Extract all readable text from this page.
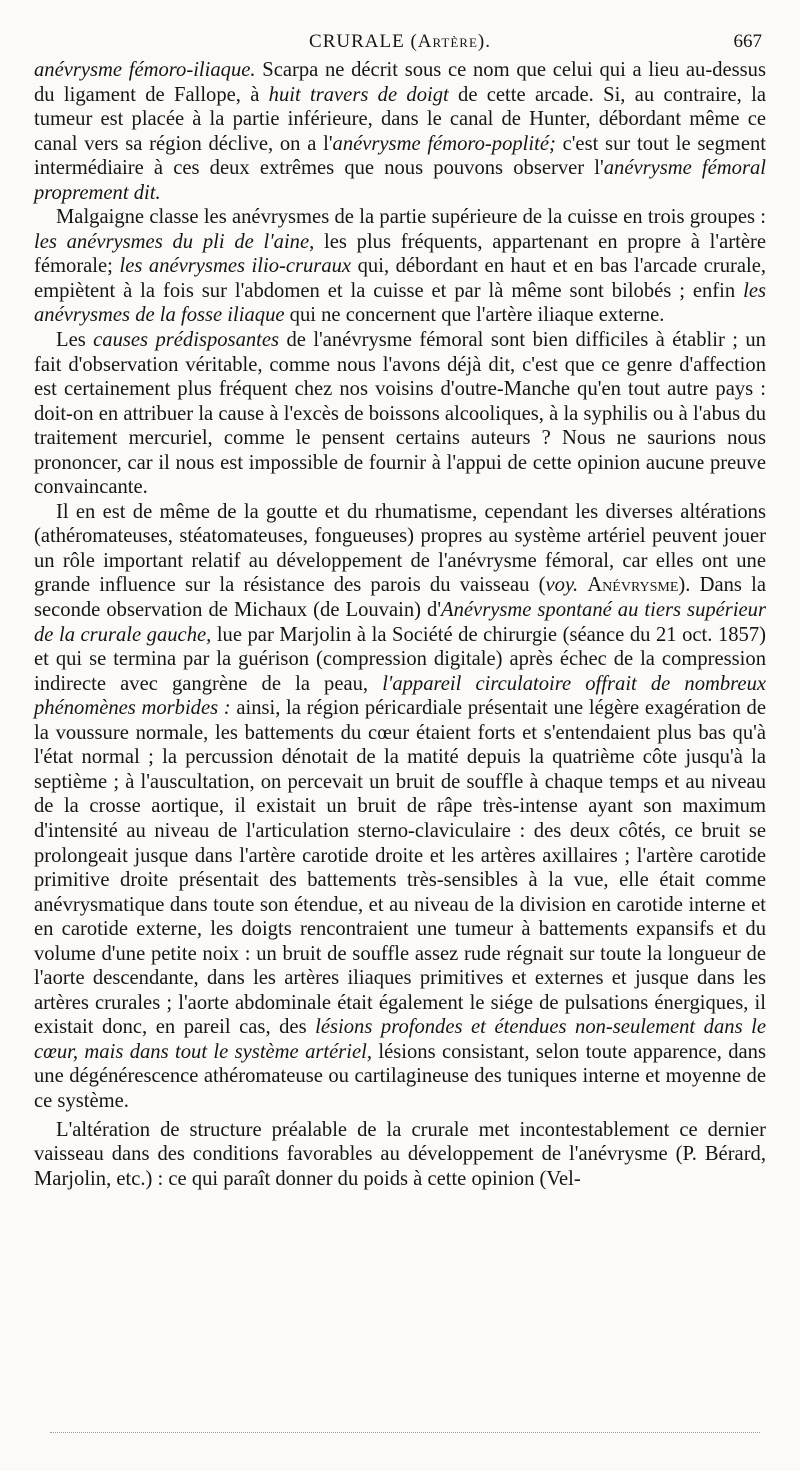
CRURALE (Artère).	667

anévrysme fémoro-iliaque. Scarpa ne décrit sous ce nom que celui qui a lieu au-dessus du ligament de Fallope, à huit travers de doigt de cette arcade. Si, au contraire, la tumeur est placée à la partie inférieure, dans le canal de Hunter, débordant même ce canal vers sa région déclive, on a l'anévrysme fémoro-poplité; c'est sur tout le segment intermédiaire à ces deux extrêmes que nous pouvons observer l'anévrysme fémoral proprement dit.

Malgaigne classe les anévrysmes de la partie supérieure de la cuisse en trois groupes : les anévrysmes du pli de l'aine, les plus fréquents, appartenant en propre à l'artère fémorale; les anévrysmes ilio-cruraux qui, débordant en haut et en bas l'arcade crurale, empiètent à la fois sur l'abdomen et la cuisse et par là même sont bilobés ; enfin les anévrysmes de la fosse iliaque qui ne concernent que l'artère iliaque externe.

Les causes prédisposantes de l'anévrysme fémoral sont bien difficiles à établir ; un fait d'observation véritable, comme nous l'avons déjà dit, c'est que ce genre d'affection est certainement plus fréquent chez nos voisins d'outre-Manche qu'en tout autre pays : doit-on en attribuer la cause à l'excès de boissons alcooliques, à la syphilis ou à l'abus du traitement mercuriel, comme le pensent certains auteurs ? Nous ne saurions nous prononcer, car il nous est impossible de fournir à l'appui de cette opinion aucune preuve convaincante.

Il en est de même de la goutte et du rhumatisme, cependant les diverses altérations (athéromateuses, stéatomateuses, fongueuses) propres au système artériel peuvent jouer un rôle important relatif au développement de l'anévrysme fémoral, car elles ont une grande influence sur la résistance des parois du vaisseau (voy. Anévrysme). Dans la seconde observation de Michaux (de Louvain) d'Anévrysme spontané au tiers supérieur de la crurale gauche, lue par Marjolin à la Société de chirurgie (séance du 21 oct. 1857) et qui se termina par la guérison (compression digitale) après échec de la compression indirecte avec gangrène de la peau, l'appareil circulatoire offrait de nombreux phénomènes morbides : ainsi, la région péricardiale présentait une légère exagération de la voussure normale, les battements du cœur étaient forts et s'entendaient plus bas qu'à l'état normal ; la percussion dénotait de la matité depuis la quatrième côte jusqu'à la septième ; à l'auscultation, on percevait un bruit de souffle à chaque temps et au niveau de la crosse aortique, il existait un bruit de râpe très-intense ayant son maximum d'intensité au niveau de l'articulation sterno-claviculaire : des deux côtés, ce bruit se prolongeait jusque dans l'artère carotide droite et les artères axillaires ; l'artère carotide primitive droite présentait des battements très-sensibles à la vue, elle était comme anévrysmatique dans toute son étendue, et au niveau de la division en carotide interne et en carotide externe, les doigts rencontraient une tumeur à battements expansifs et du volume d'une petite noix : un bruit de souffle assez rude régnait sur toute la longueur de l'aorte descendante, dans les artères iliaques primitives et externes et jusque dans les artères crurales ; l'aorte abdominale était également le siége de pulsations énergiques, il existait donc, en pareil cas, des lésions profondes et étendues non-seulement dans le cœur, mais dans tout le système artériel, lésions consistant, selon toute apparence, dans une dégénérescence athéromateuse ou cartilagineuse des tuniques interne et moyenne de ce système.

L'altération de structure préalable de la crurale met incontestablement ce dernier vaisseau dans des conditions favorables au développement de l'anévrysme (P. Bérard, Marjolin, etc.) : ce qui paraît donner du poids à cette opinion (Vel-
